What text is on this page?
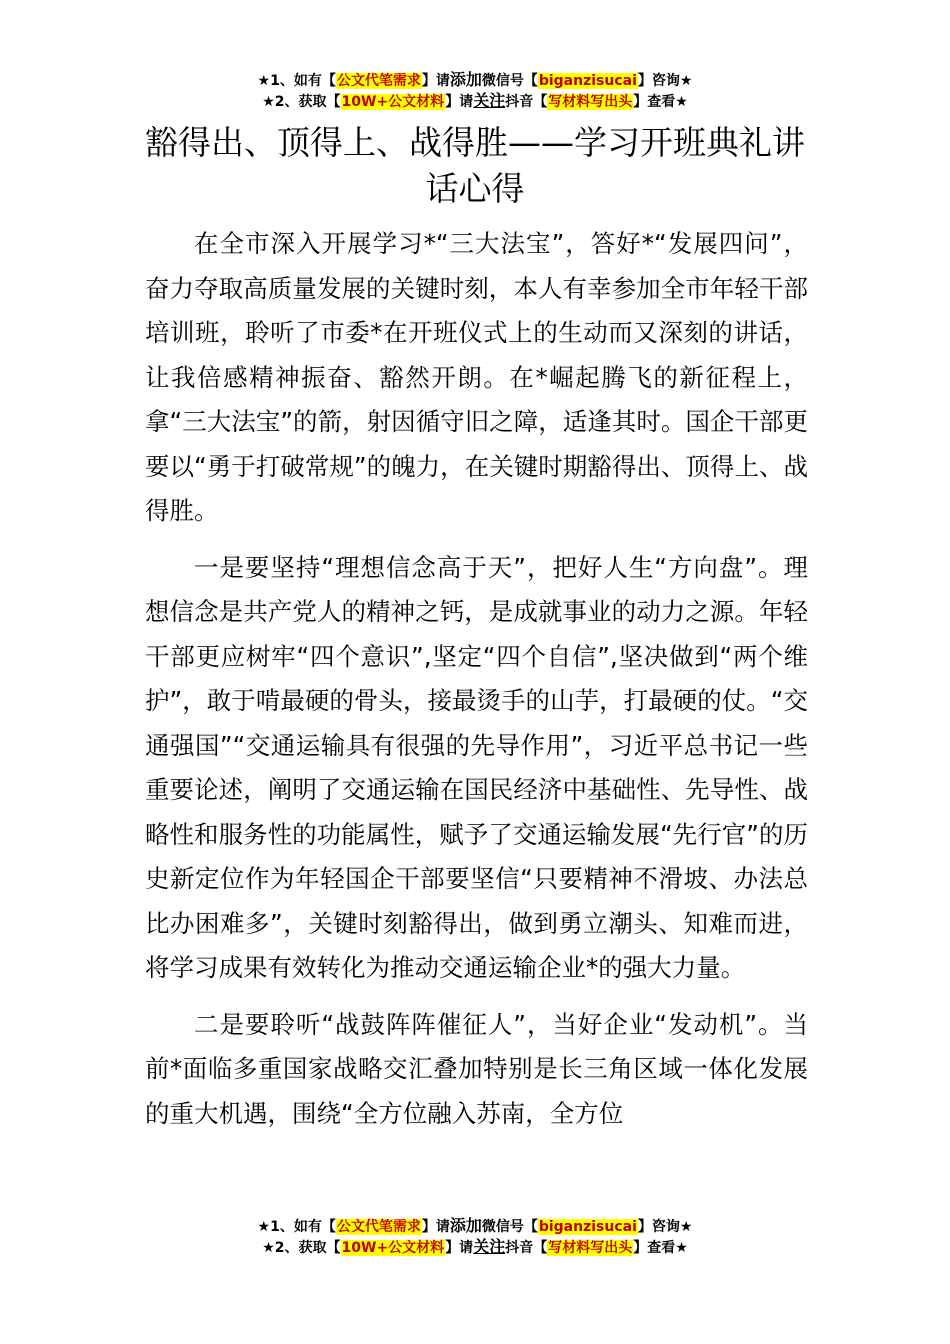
★1、如有【公文代笔需求】请添加微信号【biganzisucai】咨询★
★2、获取【10W+公文材料】请关注抖音【写材料写出头】查看★
豁得出、顶得上、战得胜——学习开班典礼讲话心得

在全市深入开展学习*“三大法宝”，答好*“发展四问”，奋力夺取高质量发展的关键时刻，本人有幸参加全市年轻干部培训班，聆听了市委*在开班仪式上的生动而又深刻的讲话，让我倍感精神振奋、豁然开朗。在*崛起腾飞的新征程上，拿“三大法宝”的箭，射因循守旧之障，适逢其时。国企干部更要以“勇于打破常规”的魄力，在关键时期豁得出、顶得上、战得胜。

一是要坚持“理想信念高于天”，把好人生“方向盘”。理想信念是共产党人的精神之钙，是成就事业的动力之源。年轻干部更应树牢“四个意识”,坚定“四个自信”,坚决做到“两个维护”，敢于啃最硬的骨头，接最烫手的山芋，打最硬的仗。“交通强国”“交通运输具有很强的先导作用”，习近平总书记一些重要论述，阐明了交通运输在国民经济中基础性、先导性、战略性和服务性的功能属性，赋予了交通运输发展“先行官”的历史新定位作为年轻国企干部要坚信“只要精神不滑坡、办法总比办困难多”，关键时刻豁得出，做到勇立潮头、知难而进，将学习成果有效转化为推动交通运输企业*的强大力量。

二是要聆听“战鼓阵阵催征人”，当好企业“发动机”。当前*面临多重国家战略交汇叠加特别是长三角区域一体化发展的重大机遇，围绕“全方位融入苏南，全方位

★1、如有【公文代笔需求】请添加微信号【biganzisucai】咨询★
★2、获取【10W+公文材料】请关注抖音【写材料写出头】查看★
